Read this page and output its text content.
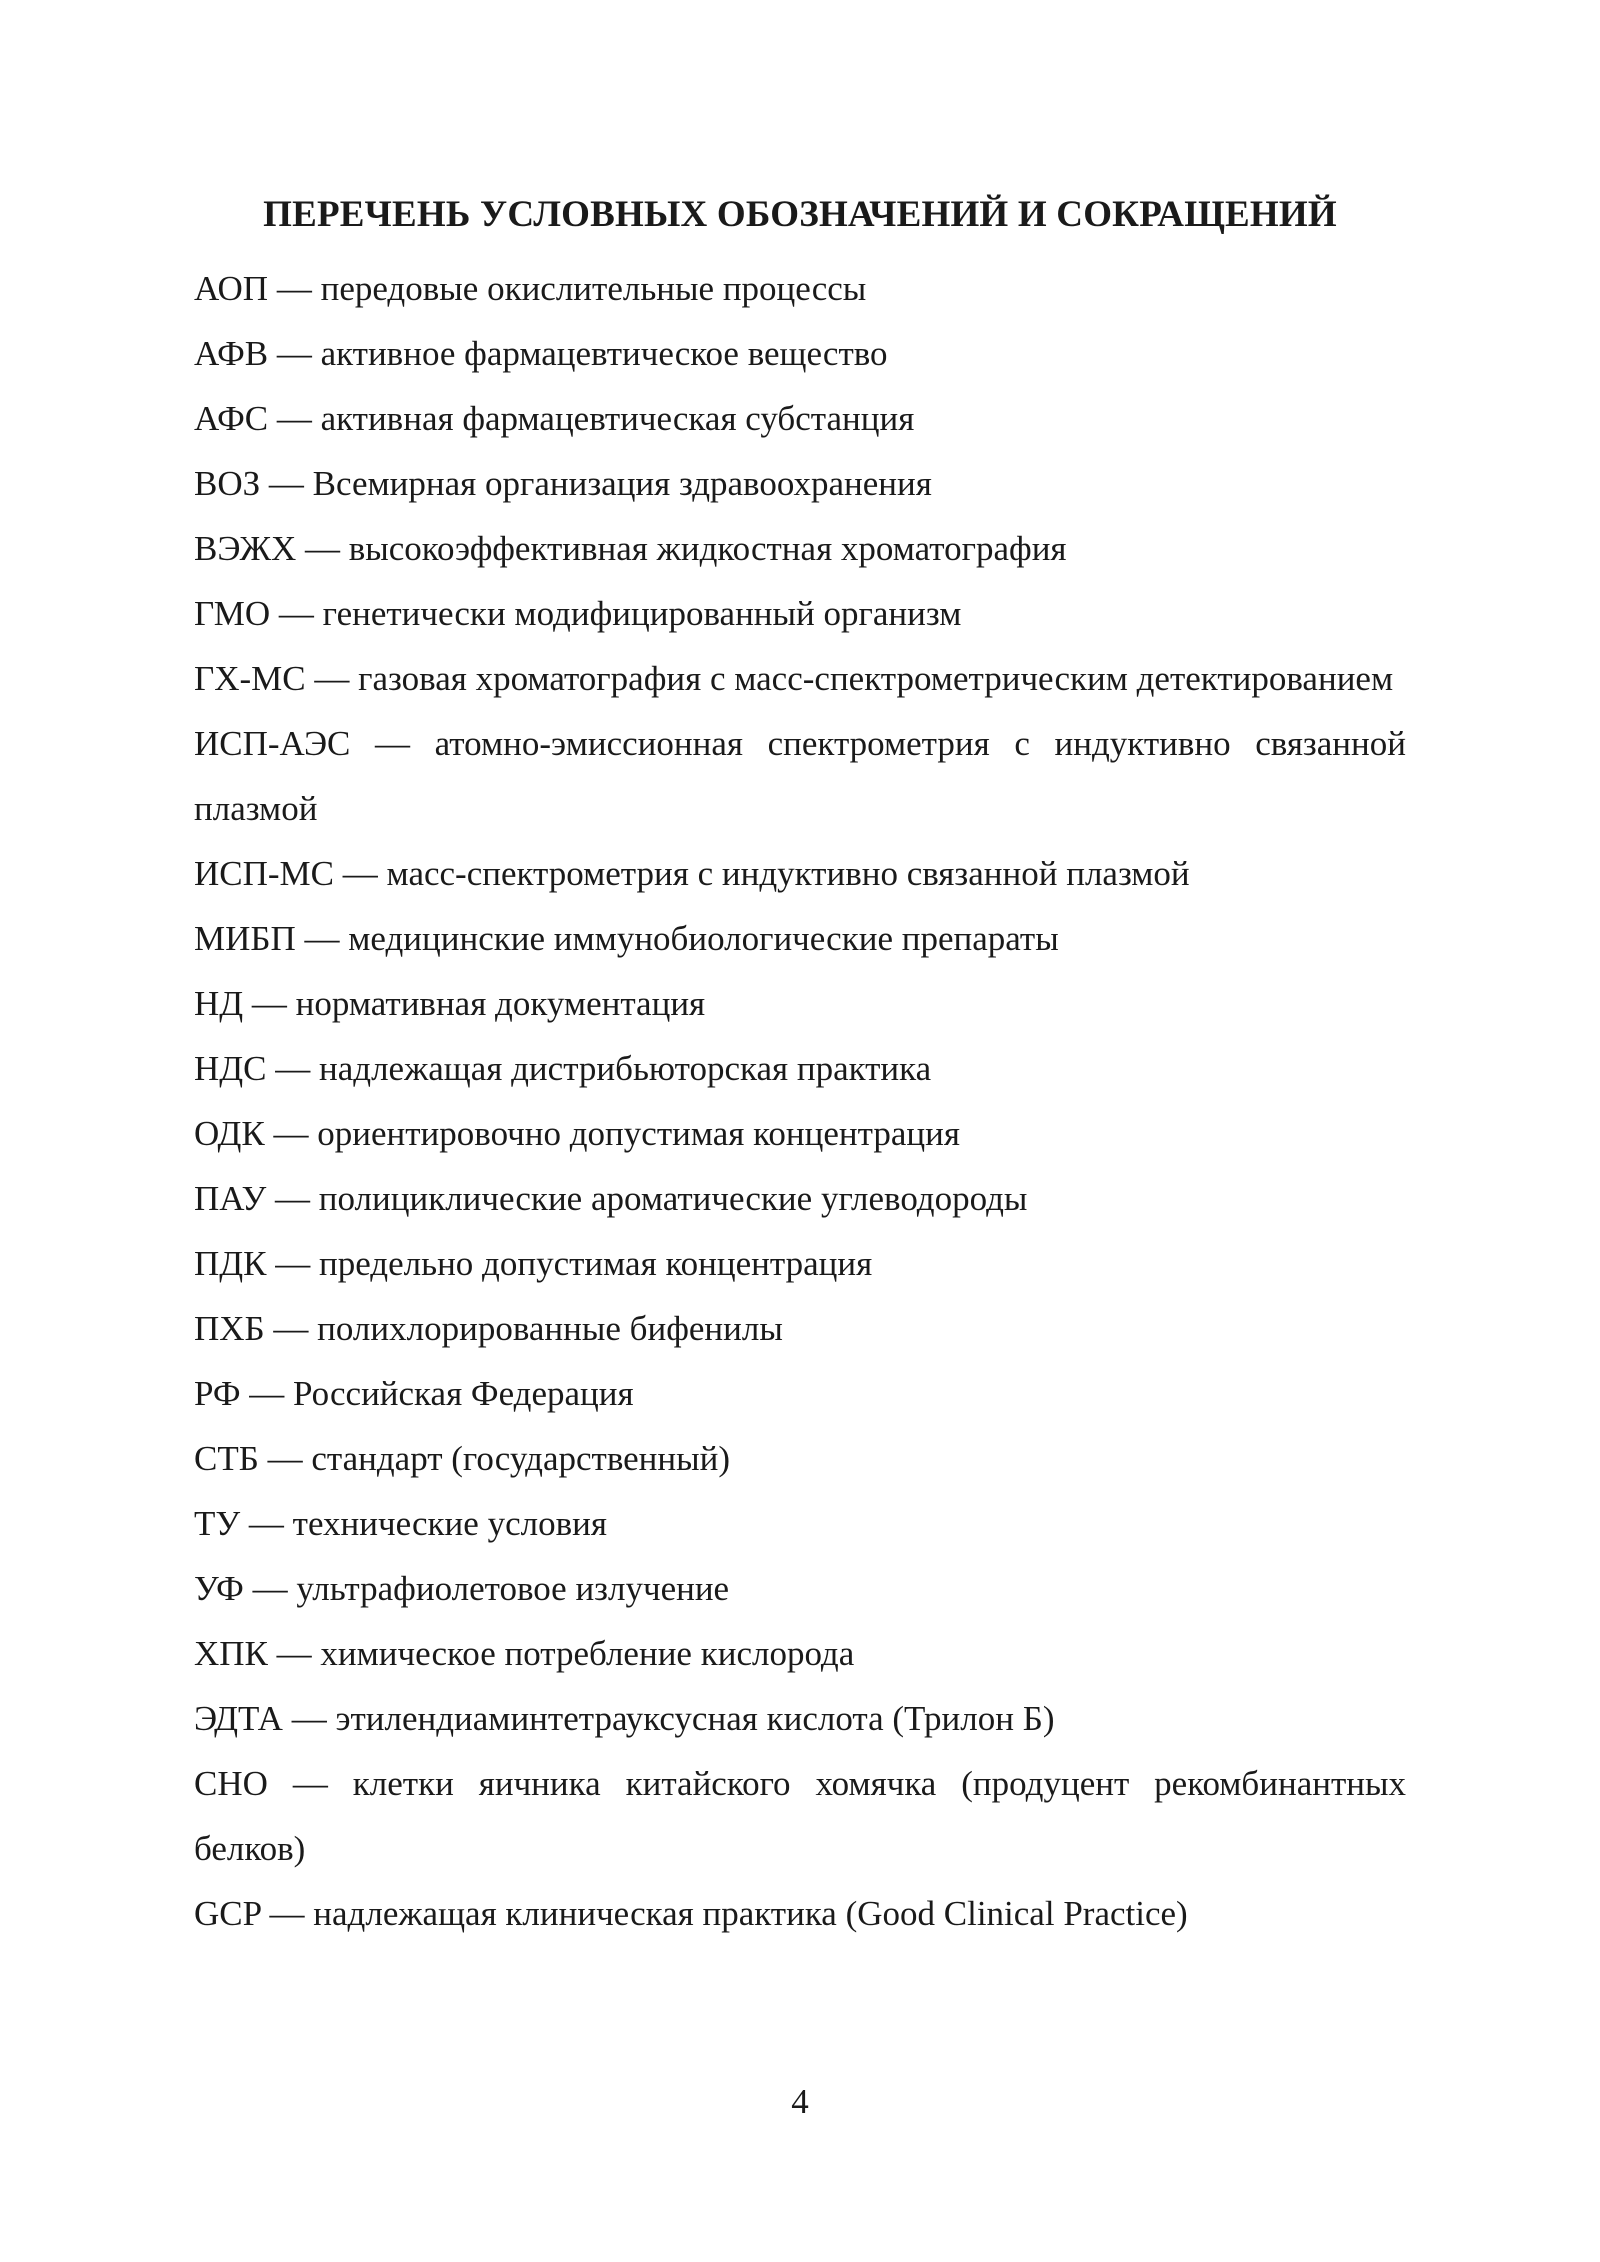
ПЕРЕЧЕНЬ УСЛОВНЫХ ОБОЗНАЧЕНИЙ И СОКРАЩЕНИЙ
АОП — передовые окислительные процессы
АФВ — активное фармацевтическое вещество
АФС — активная фармацевтическая субстанция
ВОЗ — Всемирная организация здравоохранения
ВЭЖХ — высокоэффективная жидкостная хроматография
ГМО — генетически модифицированный организм
ГХ-МС — газовая хроматография с масс-спектрометрическим детектированием
ИСП-АЭС — атомно-эмиссионная спектрометрия с индуктивно связанной плазмой
ИСП-МС — масс-спектрометрия с индуктивно связанной плазмой
МИБП — медицинские иммунобиологические препараты
НД — нормативная документация
НДС — надлежащая дистрибьюторская практика
ОДК — ориентировочно допустимая концентрация
ПАУ — полициклические ароматические углеводороды
ПДК — предельно допустимая концентрация
ПХБ — полихлорированные бифенилы
РФ — Российская Федерация
СТБ — стандарт (государственный)
ТУ — технические условия
УФ — ультрафиолетовое излучение
ХПК — химическое потребление кислорода
ЭДТА — этилендиаминтетрауксусная кислота (Трилон Б)
CHO — клетки яичника китайского хомячка (продуцент рекомбинантных белков)
GCP — надлежащая клиническая практика (Good Clinical Practice)
4
